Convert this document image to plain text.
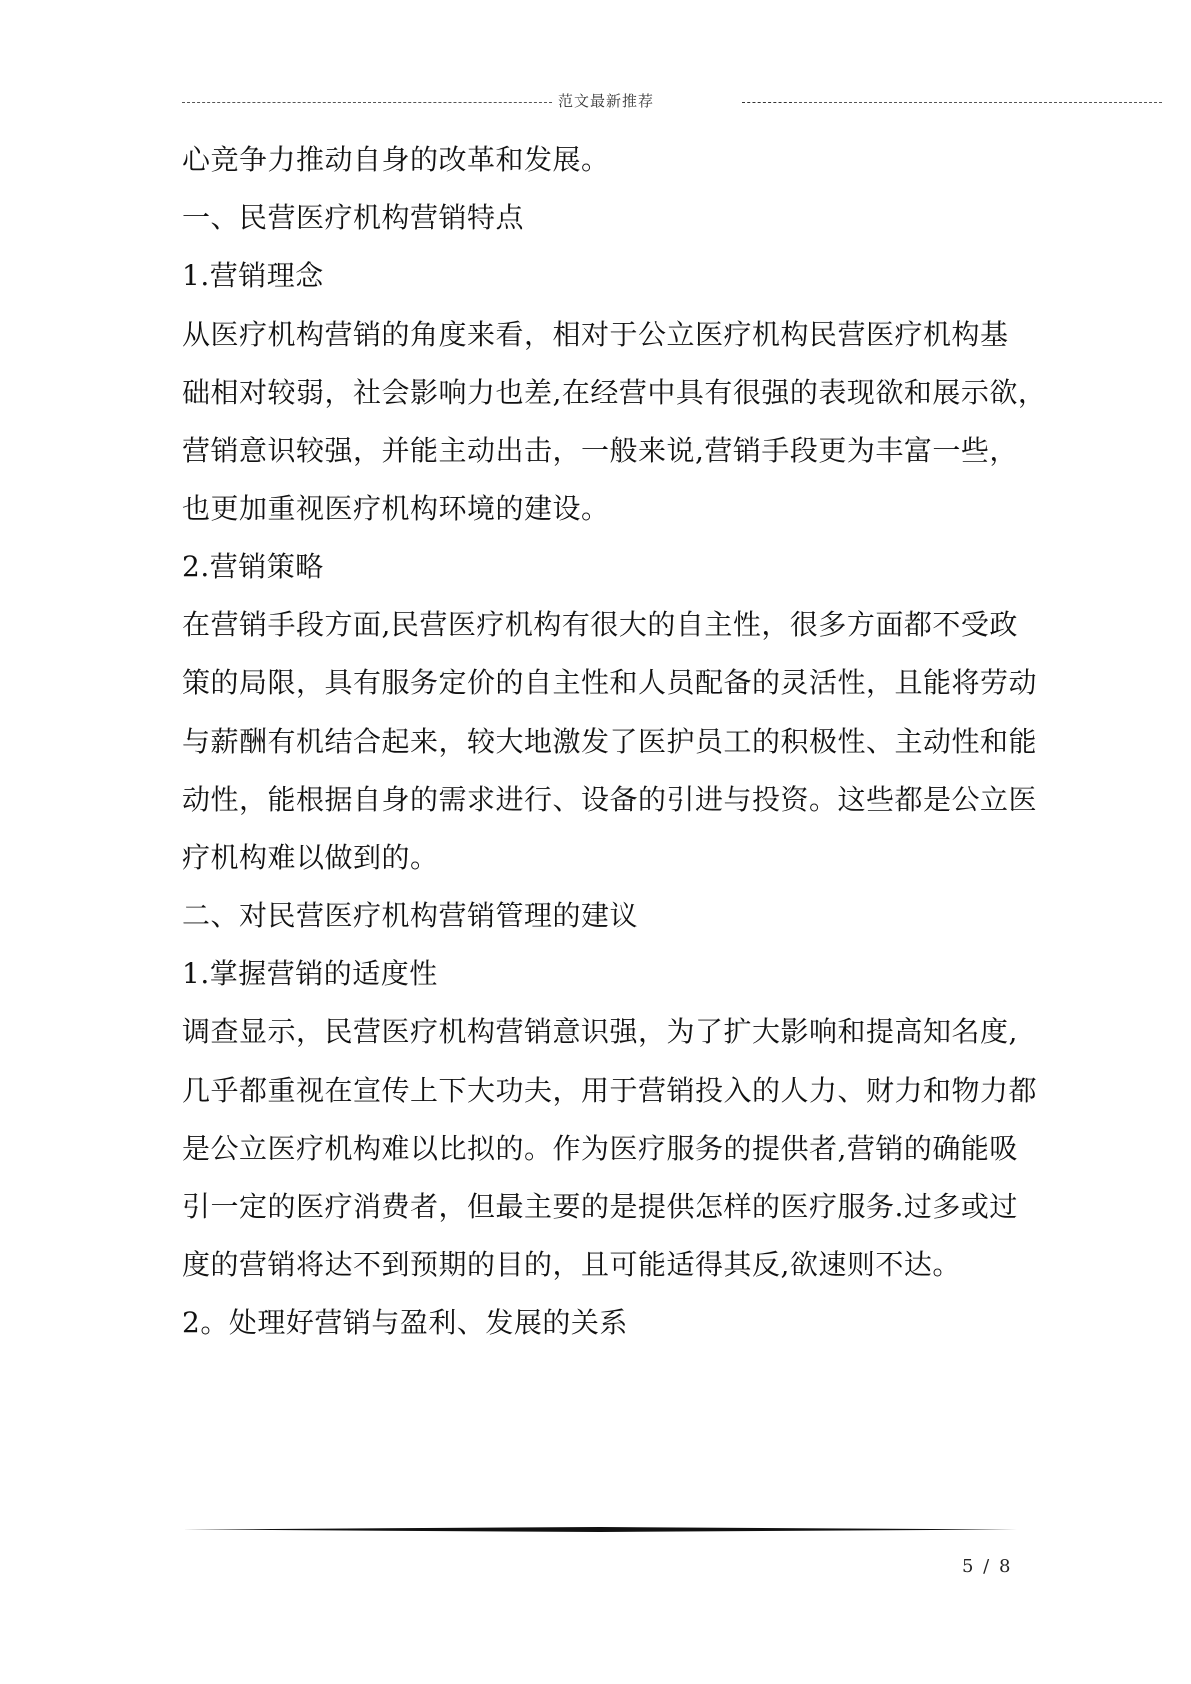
范文最新推荐
心竞争力推动自身的改革和发展。
一、民营医疗机构营销特点
1.营销理念
从医疗机构营销的角度来看，相对于公立医疗机构民营医疗机构基
础相对较弱，社会影响力也差,在经营中具有很强的表现欲和展示欲，
营销意识较强，并能主动出击，一般来说,营销手段更为丰富一些，
也更加重视医疗机构环境的建设。
2.营销策略
在营销手段方面,民营医疗机构有很大的自主性，很多方面都不受政
策的局限，具有服务定价的自主性和人员配备的灵活性，且能将劳动
与薪酬有机结合起来，较大地激发了医护员工的积极性、主动性和能
动性，能根据自身的需求进行、设备的引进与投资。这些都是公立医
疗机构难以做到的。
二、对民营医疗机构营销管理的建议
1.掌握营销的适度性
调查显示，民营医疗机构营销意识强，为了扩大影响和提高知名度,
几乎都重视在宣传上下大功夫，用于营销投入的人力、财力和物力都
是公立医疗机构难以比拟的。作为医疗服务的提供者,营销的确能吸
引一定的医疗消费者，但最主要的是提供怎样的医疗服务.过多或过
度的营销将达不到预期的目的，且可能适得其反,欲速则不达。
2。处理好营销与盈利、发展的关系
5 / 8
